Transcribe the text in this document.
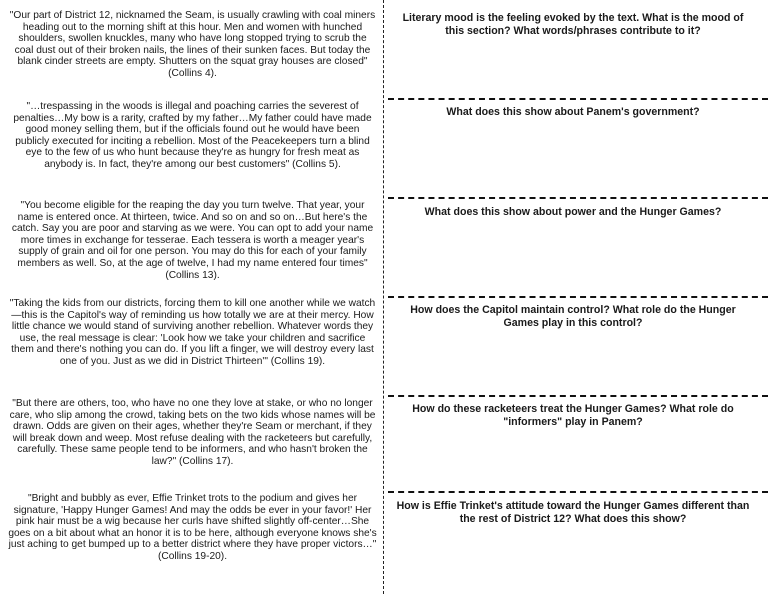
"Our part of District 12, nicknamed the Seam, is usually crawling with coal miners heading out to the morning shift at this hour. Men and women with hunched shoulders, swollen knuckles, many who have long stopped trying to scrub the coal dust out of their broken nails, the lines of their sunken faces. But today the blank cinder streets are empty. Shutters on the squat gray houses are closed" (Collins 4).

"…trespassing in the woods is illegal and poaching carries the severest of penalties…My bow is a rarity, crafted by my father…My father could have made good money selling them, but if the officials found out he would have been publicly executed for inciting a rebellion. Most of the Peacekeepers turn a blind eye to the few of us who hunt because they're as hungry for fresh meat as anybody is. In fact, they're among our best customers" (Collins 5).

"You become eligible for the reaping the day you turn twelve. That year, your name is entered once. At thirteen, twice. And so on and so on…But here's the catch. Say you are poor and starving as we were. You can opt to add your name more times in exchange for tesserae. Each tessera is worth a meager year's supply of grain and oil for one person. You may do this for each of your family members as well. So, at the age of twelve, I had my name entered four times" (Collins 13).

"Taking the kids from our districts, forcing them to kill one another while we watch—this is the Capitol's way of reminding us how totally we are at their mercy. How little chance we would stand of surviving another rebellion. Whatever words they use, the real message is clear: 'Look how we take your children and sacrifice them and there's nothing you can do. If you lift a finger, we will destroy every last one of you. Just as we did in District Thirteen'" (Collins 19).

"But there are others, too, who have no one they love at stake, or who no longer care, who slip among the crowd, taking bets on the two kids whose names will be drawn. Odds are given on their ages, whether they're Seam or merchant, if they will break down and weep. Most refuse dealing with the racketeers but carefully, carefully. These same people tend to be informers, and who hasn't broken the law?" (Collins 17).

"Bright and bubbly as ever, Effie Trinket trots to the podium and gives her signature, 'Happy Hunger Games! And may the odds be ever in your favor!' Her pink hair must be a wig because her curls have shifted slightly off-center…She goes on a bit about what an honor it is to be here, although everyone knows she's just aching to get bumped up to a better district where they have proper victors…" (Collins 19-20).

Literary mood is the feeling evoked by the text. What is the mood of this section? What words/phrases contribute to it?

What does this show about Panem's government?

What does this show about power and the Hunger Games?

How does the Capitol maintain control? What role do the Hunger Games play in this control?

How do these racketeers treat the Hunger Games? What role do "informers" play in Panem?

How is Effie Trinket's attitude toward the Hunger Games different than the rest of District 12? What does this show?
